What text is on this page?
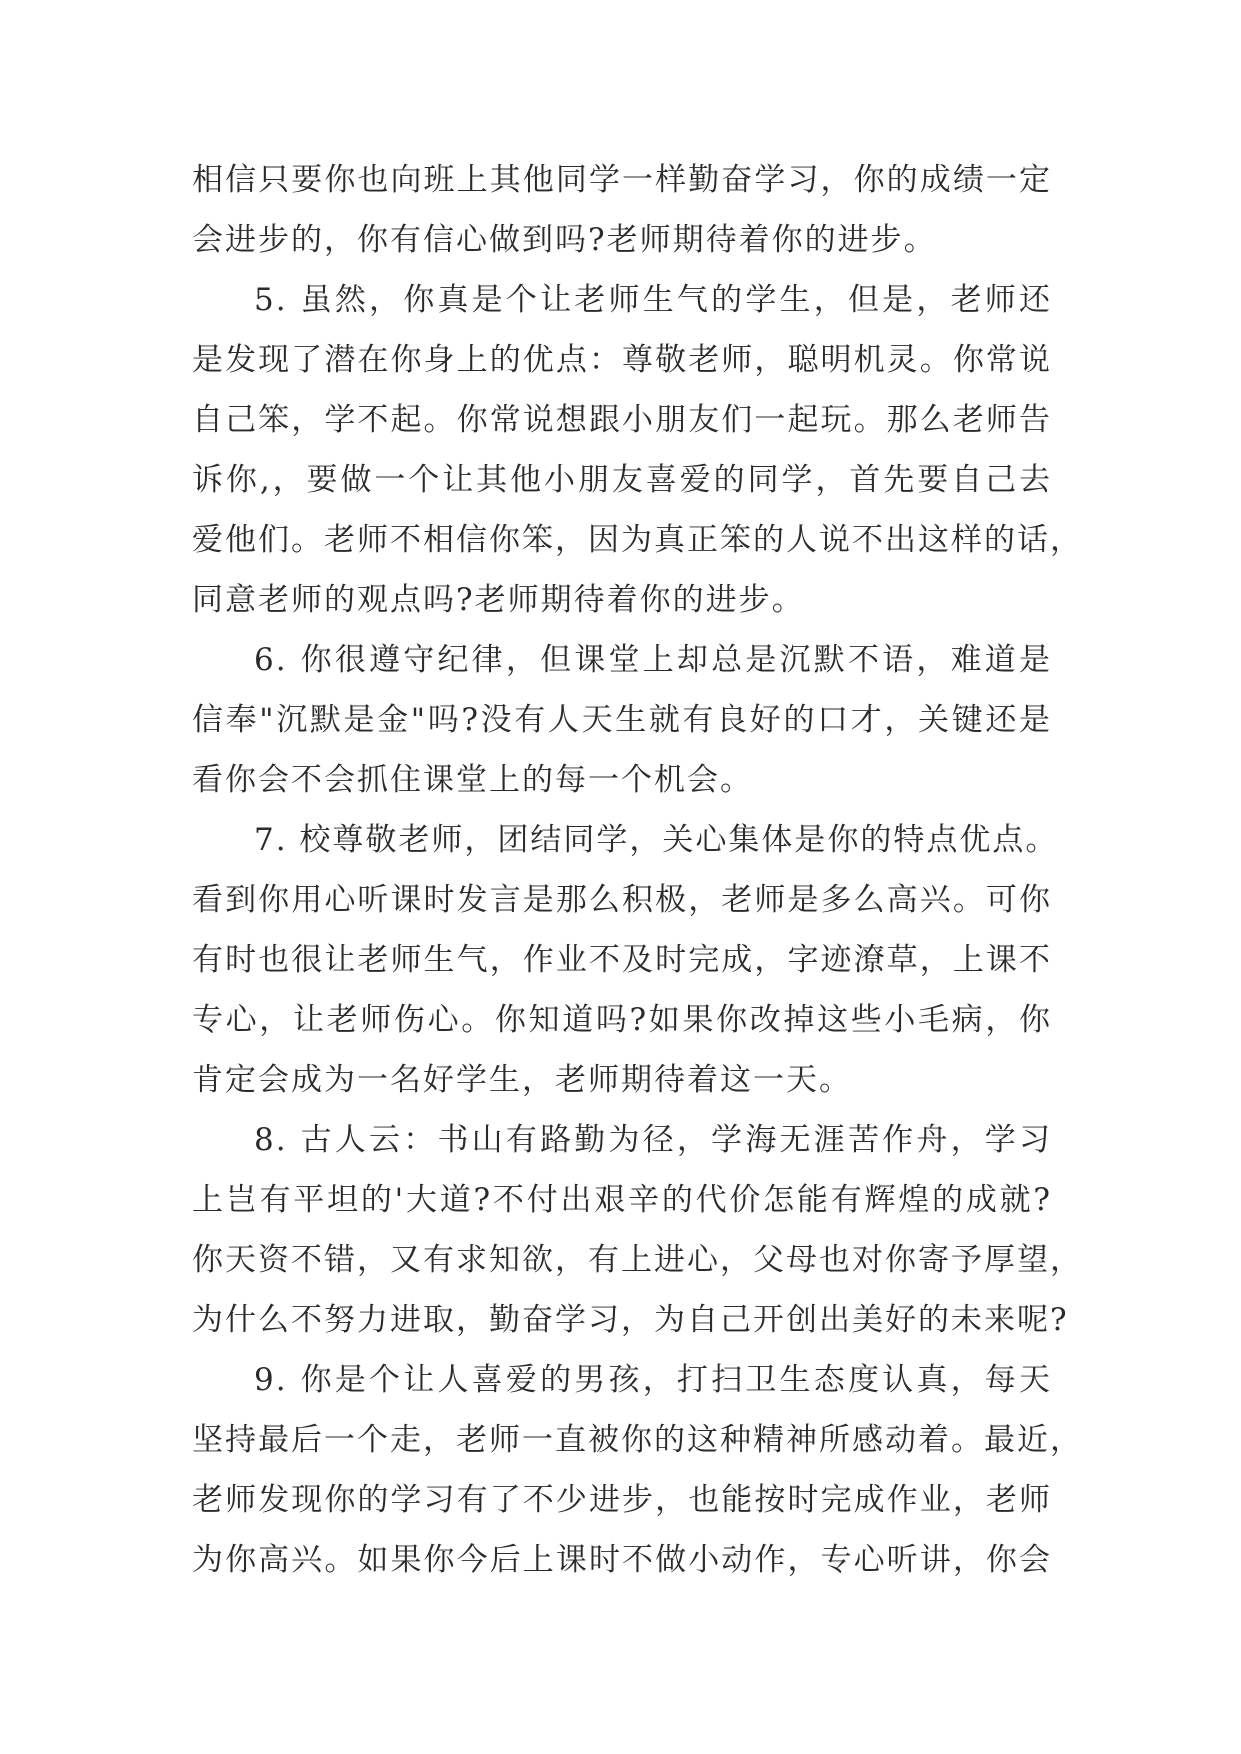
相信只要你也向班上其他同学一样勤奋学习，你的成绩一定
会进步的，你有信心做到吗?老师期待着你的进步。
5. 虽然，你真是个让老师生气的学生，但是，老师还
是发现了潜在你身上的优点：尊敬老师，聪明机灵。你常说
自己笨，学不起。你常说想跟小朋友们一起玩。那么老师告
诉你,，要做一个让其他小朋友喜爱的同学，首先要自己去
爱他们。老师不相信你笨，因为真正笨的人说不出这样的话，
同意老师的观点吗?老师期待着你的进步。
6. 你很遵守纪律，但课堂上却总是沉默不语，难道是
信奉"沉默是金"吗?没有人天生就有良好的口才，关键还是
看你会不会抓住课堂上的每一个机会。
7. 校尊敬老师，团结同学，关心集体是你的特点优点。
看到你用心听课时发言是那么积极，老师是多么高兴。可你
有时也很让老师生气，作业不及时完成，字迹潦草，上课不
专心，让老师伤心。你知道吗?如果你改掉这些小毛病，你
肯定会成为一名好学生，老师期待着这一天。
8. 古人云：书山有路勤为径，学海无涯苦作舟，学习
上岂有平坦的'大道?不付出艰辛的代价怎能有辉煌的成就?
你天资不错，又有求知欲，有上进心，父母也对你寄予厚望，
为什么不努力进取，勤奋学习，为自己开创出美好的未来呢?
9. 你是个让人喜爱的男孩，打扫卫生态度认真，每天
坚持最后一个走，老师一直被你的这种精神所感动着。最近，
老师发现你的学习有了不少进步，也能按时完成作业，老师
为你高兴。如果你今后上课时不做小动作，专心听讲，你会
